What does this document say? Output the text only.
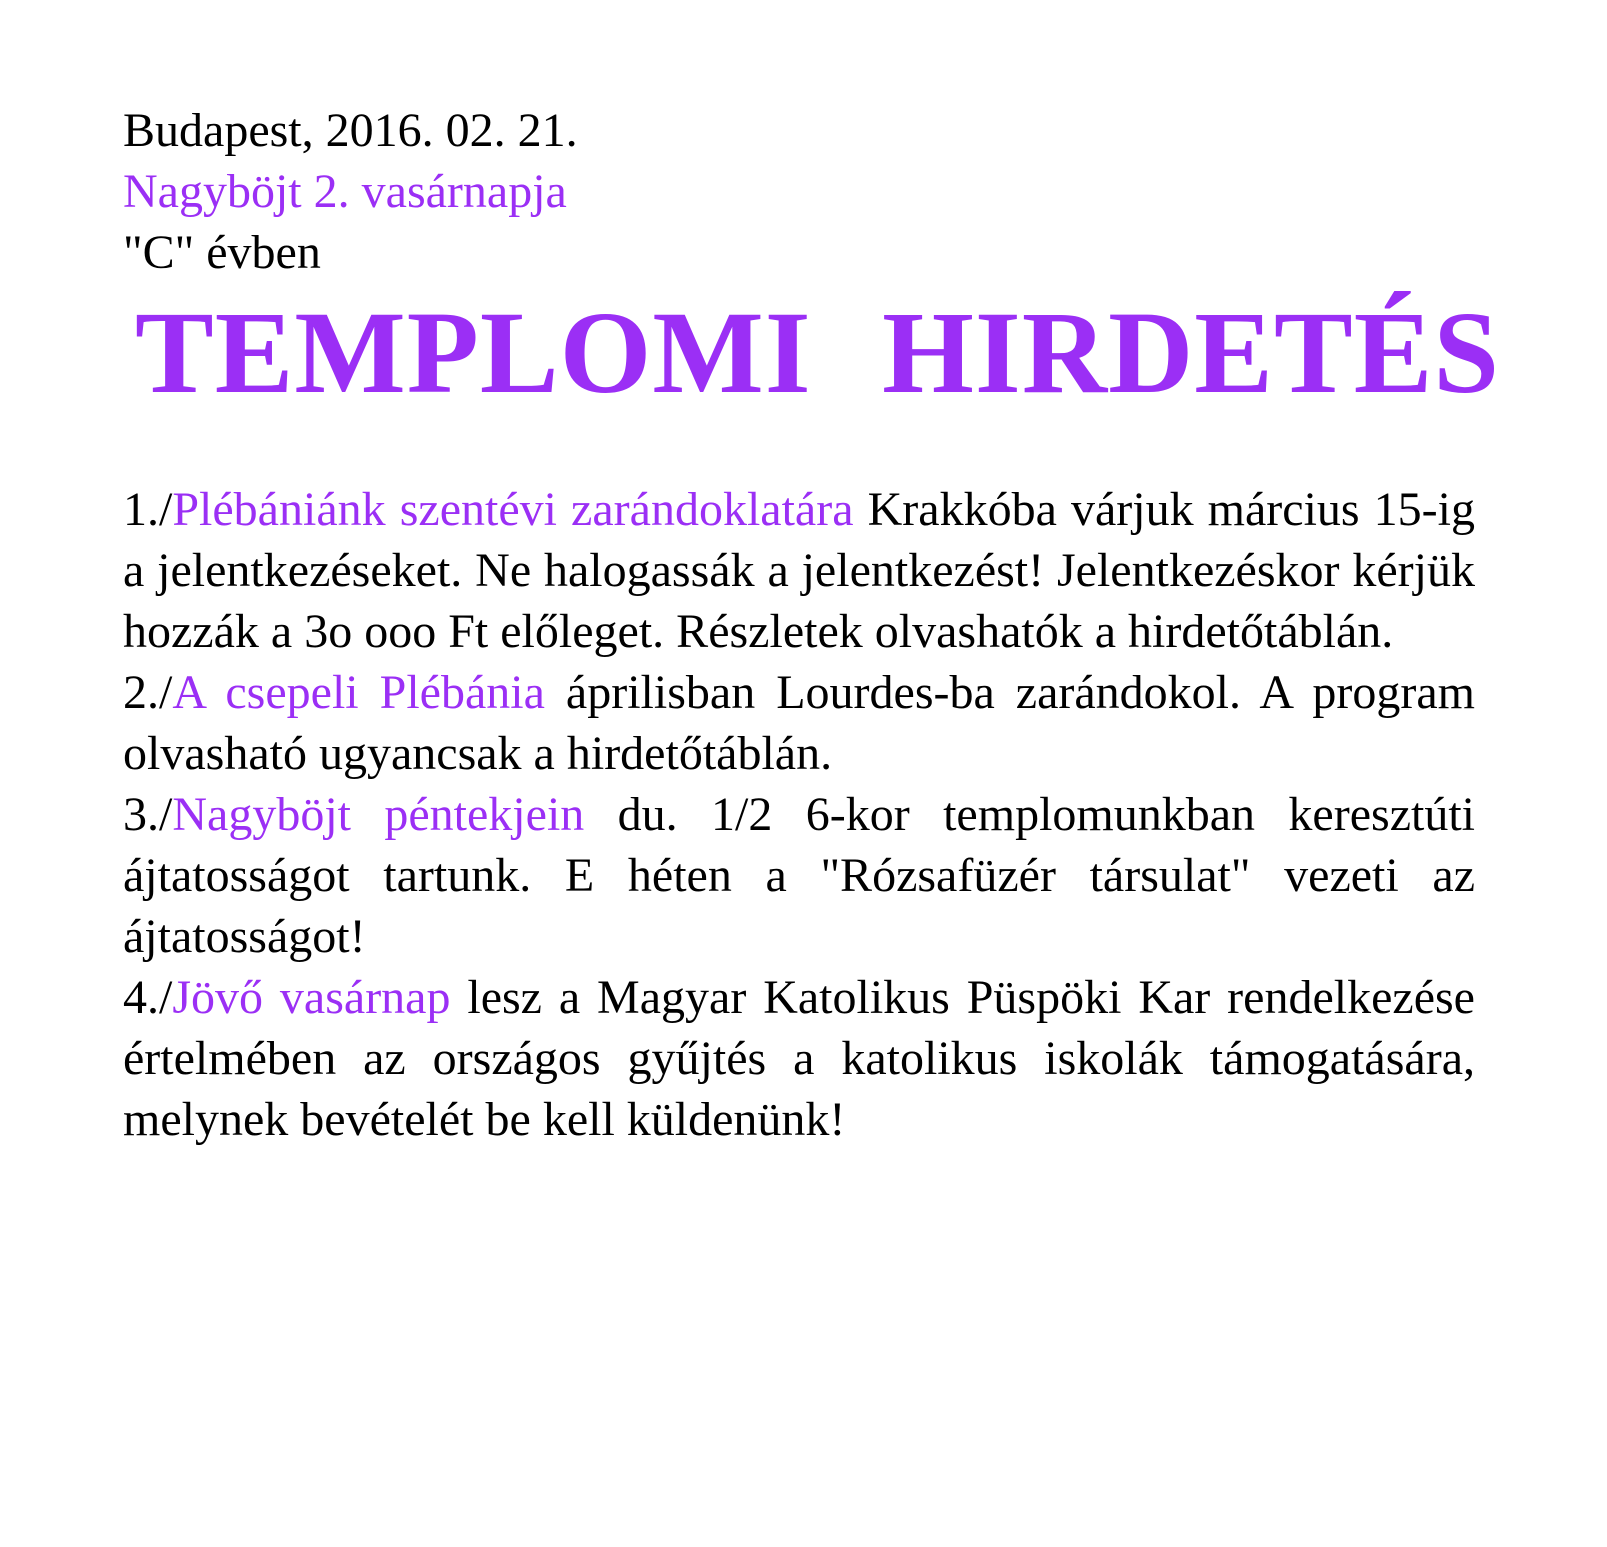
Budapest, 2016. 02. 21.
Nagyböjt 2. vasárnapja
"C" évben
TEMPLOMI HIRDETÉS

1./Plébániánk szentévi zarándoklatára Krakkóba várjuk március 15-ig a jelentkezéseket. Ne halogassák a jelentkezést! Jelentkezéskor kérjük hozzák a 3o ooo Ft előleget. Részletek olvashatók a hirdetőtáblán.

2./A csepeli Plébánia áprilisban Lourdes-ba zarándokol. A program olvasható ugyancsak a hirdetőtáblán.

3./Nagyböjt péntekjein du. 1/2 6-kor templomunkban keresztúti ájtatosságot tartunk. E héten a "Rózsafüzér társulat" vezeti az ájtatosságot!

4./Jövő vasárnap lesz a Magyar Katolikus Püspöki Kar rendelkezése értelmében az országos gyűjtés a katolikus iskolák támogatására, melynek bevételét be kell küldenünk!
